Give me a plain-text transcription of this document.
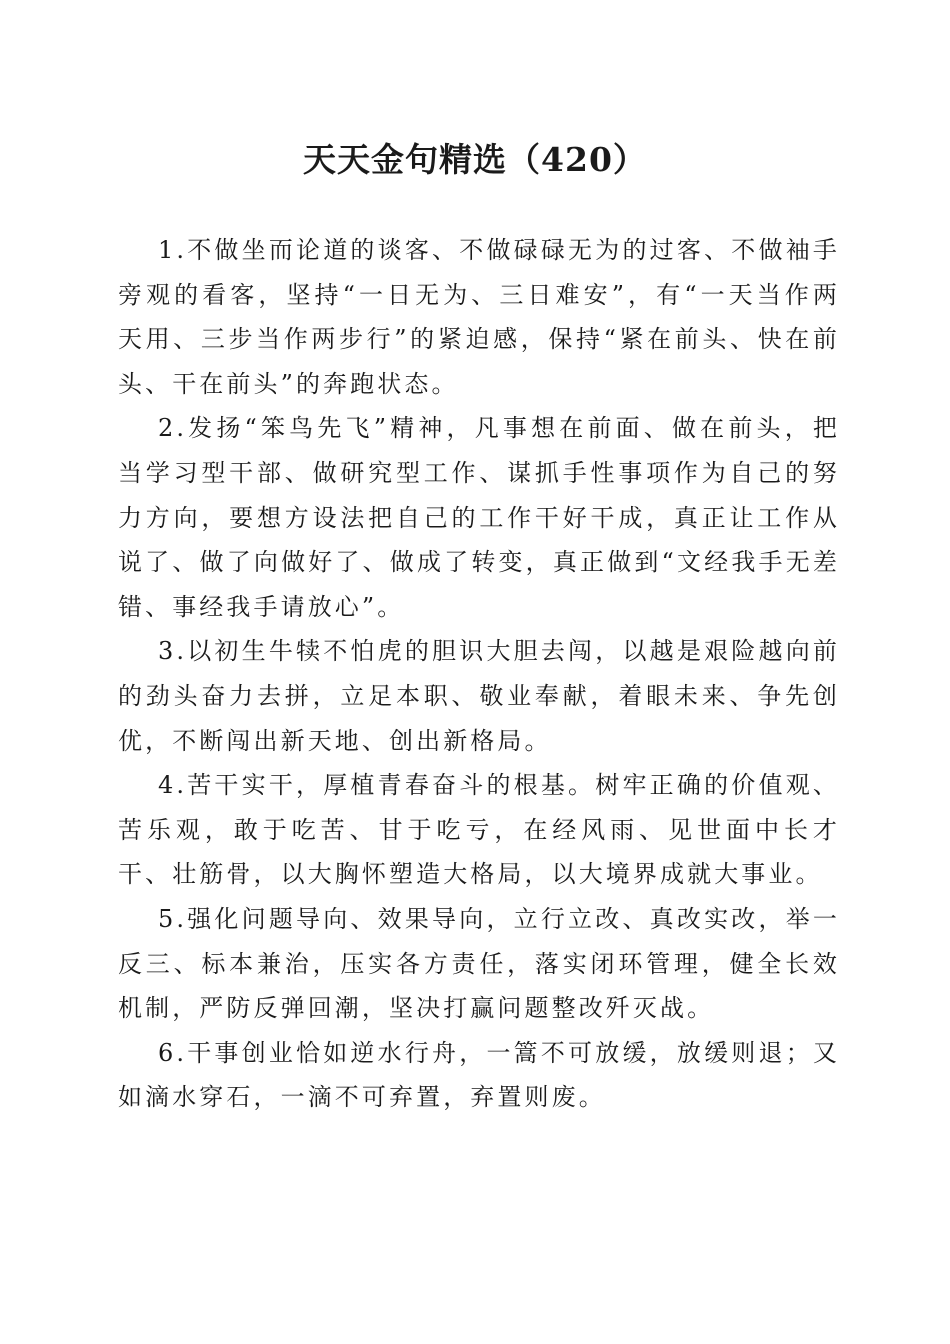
天天金句精选（420）

1.不做坐而论道的谈客、不做碌碌无为的过客、不做袖手旁观的看客，坚持“一日无为、三日难安”，有“一天当作两天用、三步当作两步行”的紧迫感，保持“紧在前头、快在前头、干在前头”的奔跑状态。

2.发扬“笨鸟先飞”精神，凡事想在前面、做在前头，把当学习型干部、做研究型工作、谋抓手性事项作为自己的努力方向，要想方设法把自己的工作干好干成，真正让工作从说了、做了向做好了、做成了转变，真正做到“文经我手无差错、事经我手请放心”。

3.以初生牛犊不怕虎的胆识大胆去闯，以越是艰险越向前的劲头奋力去拼，立足本职、敬业奉献，着眼未来、争先创优，不断闯出新天地、创出新格局。

4.苦干实干，厚植青春奋斗的根基。树牢正确的价值观、苦乐观，敢于吃苦、甘于吃亏，在经风雨、见世面中长才干、壮筋骨，以大胸怀塑造大格局，以大境界成就大事业。

5.强化问题导向、效果导向，立行立改、真改实改，举一反三、标本兼治，压实各方责任，落实闭环管理，健全长效机制，严防反弹回潮，坚决打赢问题整改歼灭战。

6.干事创业恰如逆水行舟，一篙不可放缓，放缓则退；又如滴水穿石，一滴不可弃置，弃置则废。
